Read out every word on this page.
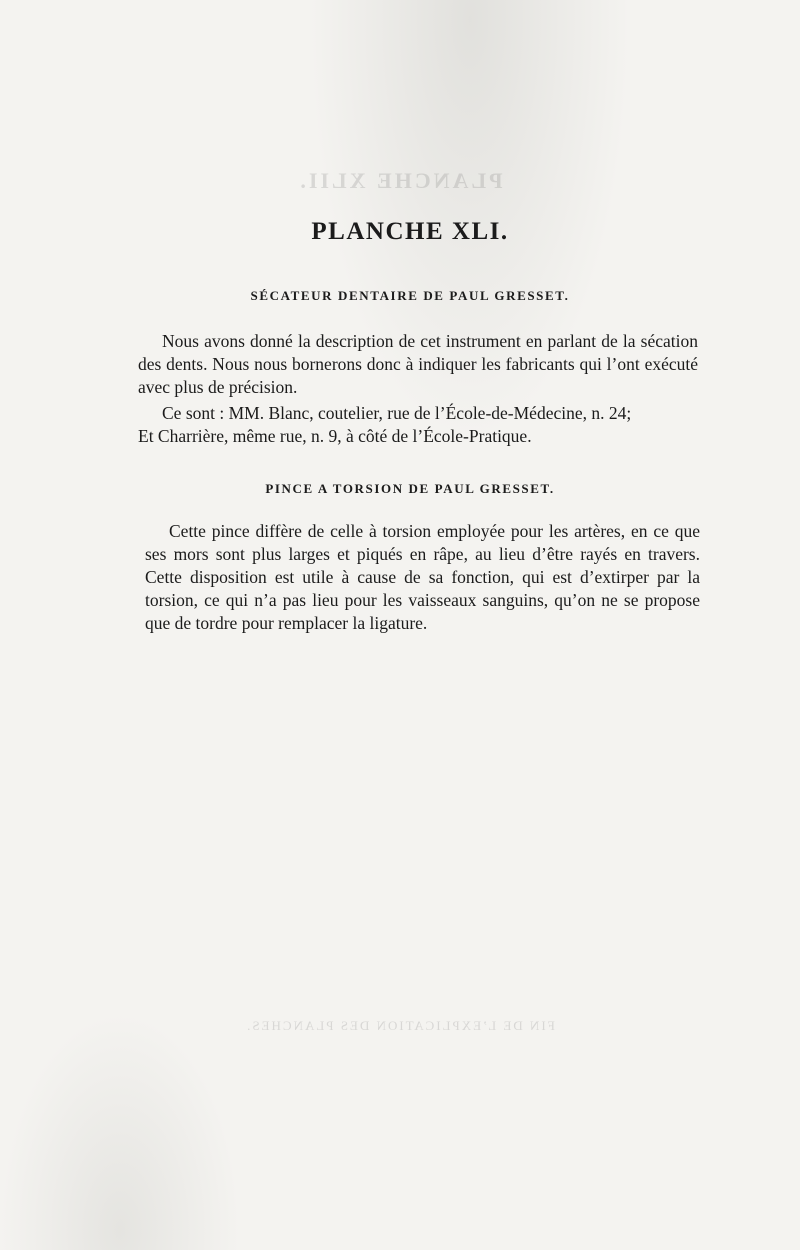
PLANCHE XLII.
FIN DE L’EXPLICATION DES PLANCHES.
PLANCHE XLI.
SÉCATEUR DENTAIRE DE PAUL GRESSET.

Nous avons donné la description de cet instrument en parlant de la sécation des dents. Nous nous bornerons donc à indiquer les fabricants qui l’ont exécuté avec plus de précision.

Ce sont : MM. Blanc, coutelier, rue de l’École-de-Médecine, n. 24;
Et Charrière, même rue, n. 9, à côté de l’École-Pratique.
PINCE A TORSION DE PAUL GRESSET.

Cette pince diffère de celle à torsion employée pour les artères, en ce que ses mors sont plus larges et piqués en râpe, au lieu d’être rayés en travers. Cette disposition est utile à cause de sa fonction, qui est d’extirper par la torsion, ce qui n’a pas lieu pour les vaisseaux sanguins, qu’on ne se propose que de tordre pour remplacer la ligature.
